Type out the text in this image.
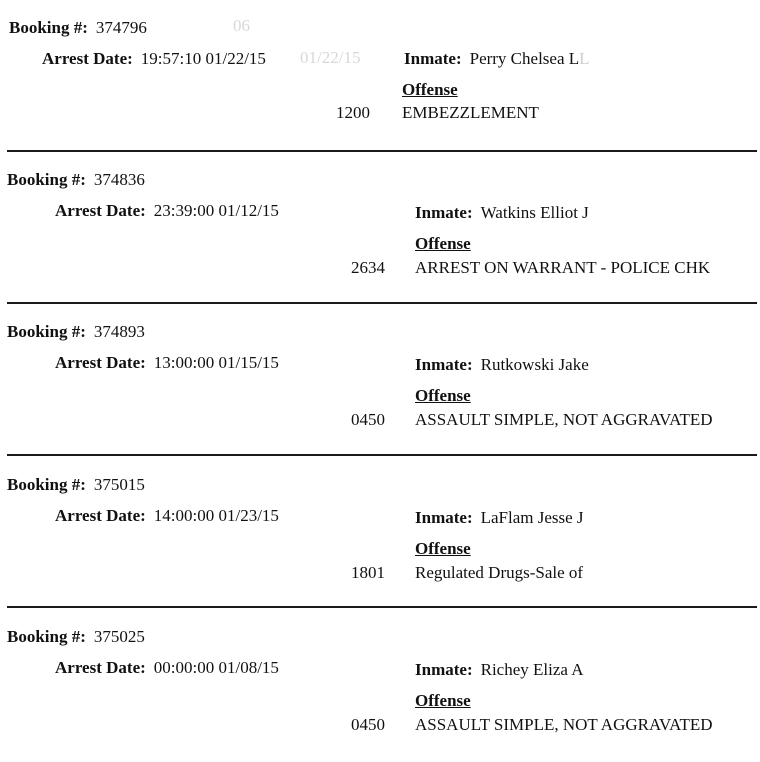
01/22/15
06
Booking #: 374796
Arrest Date: 19:57:10 01/22/15	Inmate: Perry Chelsea LL
Offense
1200 EMBEZZLEMENT
Booking #: 374836
Arrest Date: 23:39:00 01/12/15	Inmate: Watkins Elliot J
Offense
2634 ARREST ON WARRANT - POLICE CHK
Booking #: 374893
Arrest Date: 13:00:00 01/15/15	Inmate: Rutkowski Jake
Offense
0450 ASSAULT SIMPLE, NOT AGGRAVATED
Booking #: 375015
Arrest Date: 14:00:00 01/23/15	Inmate: LaFlam Jesse J
Offense
1801 Regulated Drugs-Sale of
Booking #: 375025
Arrest Date: 00:00:00 01/08/15	Inmate: Richey Eliza A
Offense
0450 ASSAULT SIMPLE, NOT AGGRAVATED
